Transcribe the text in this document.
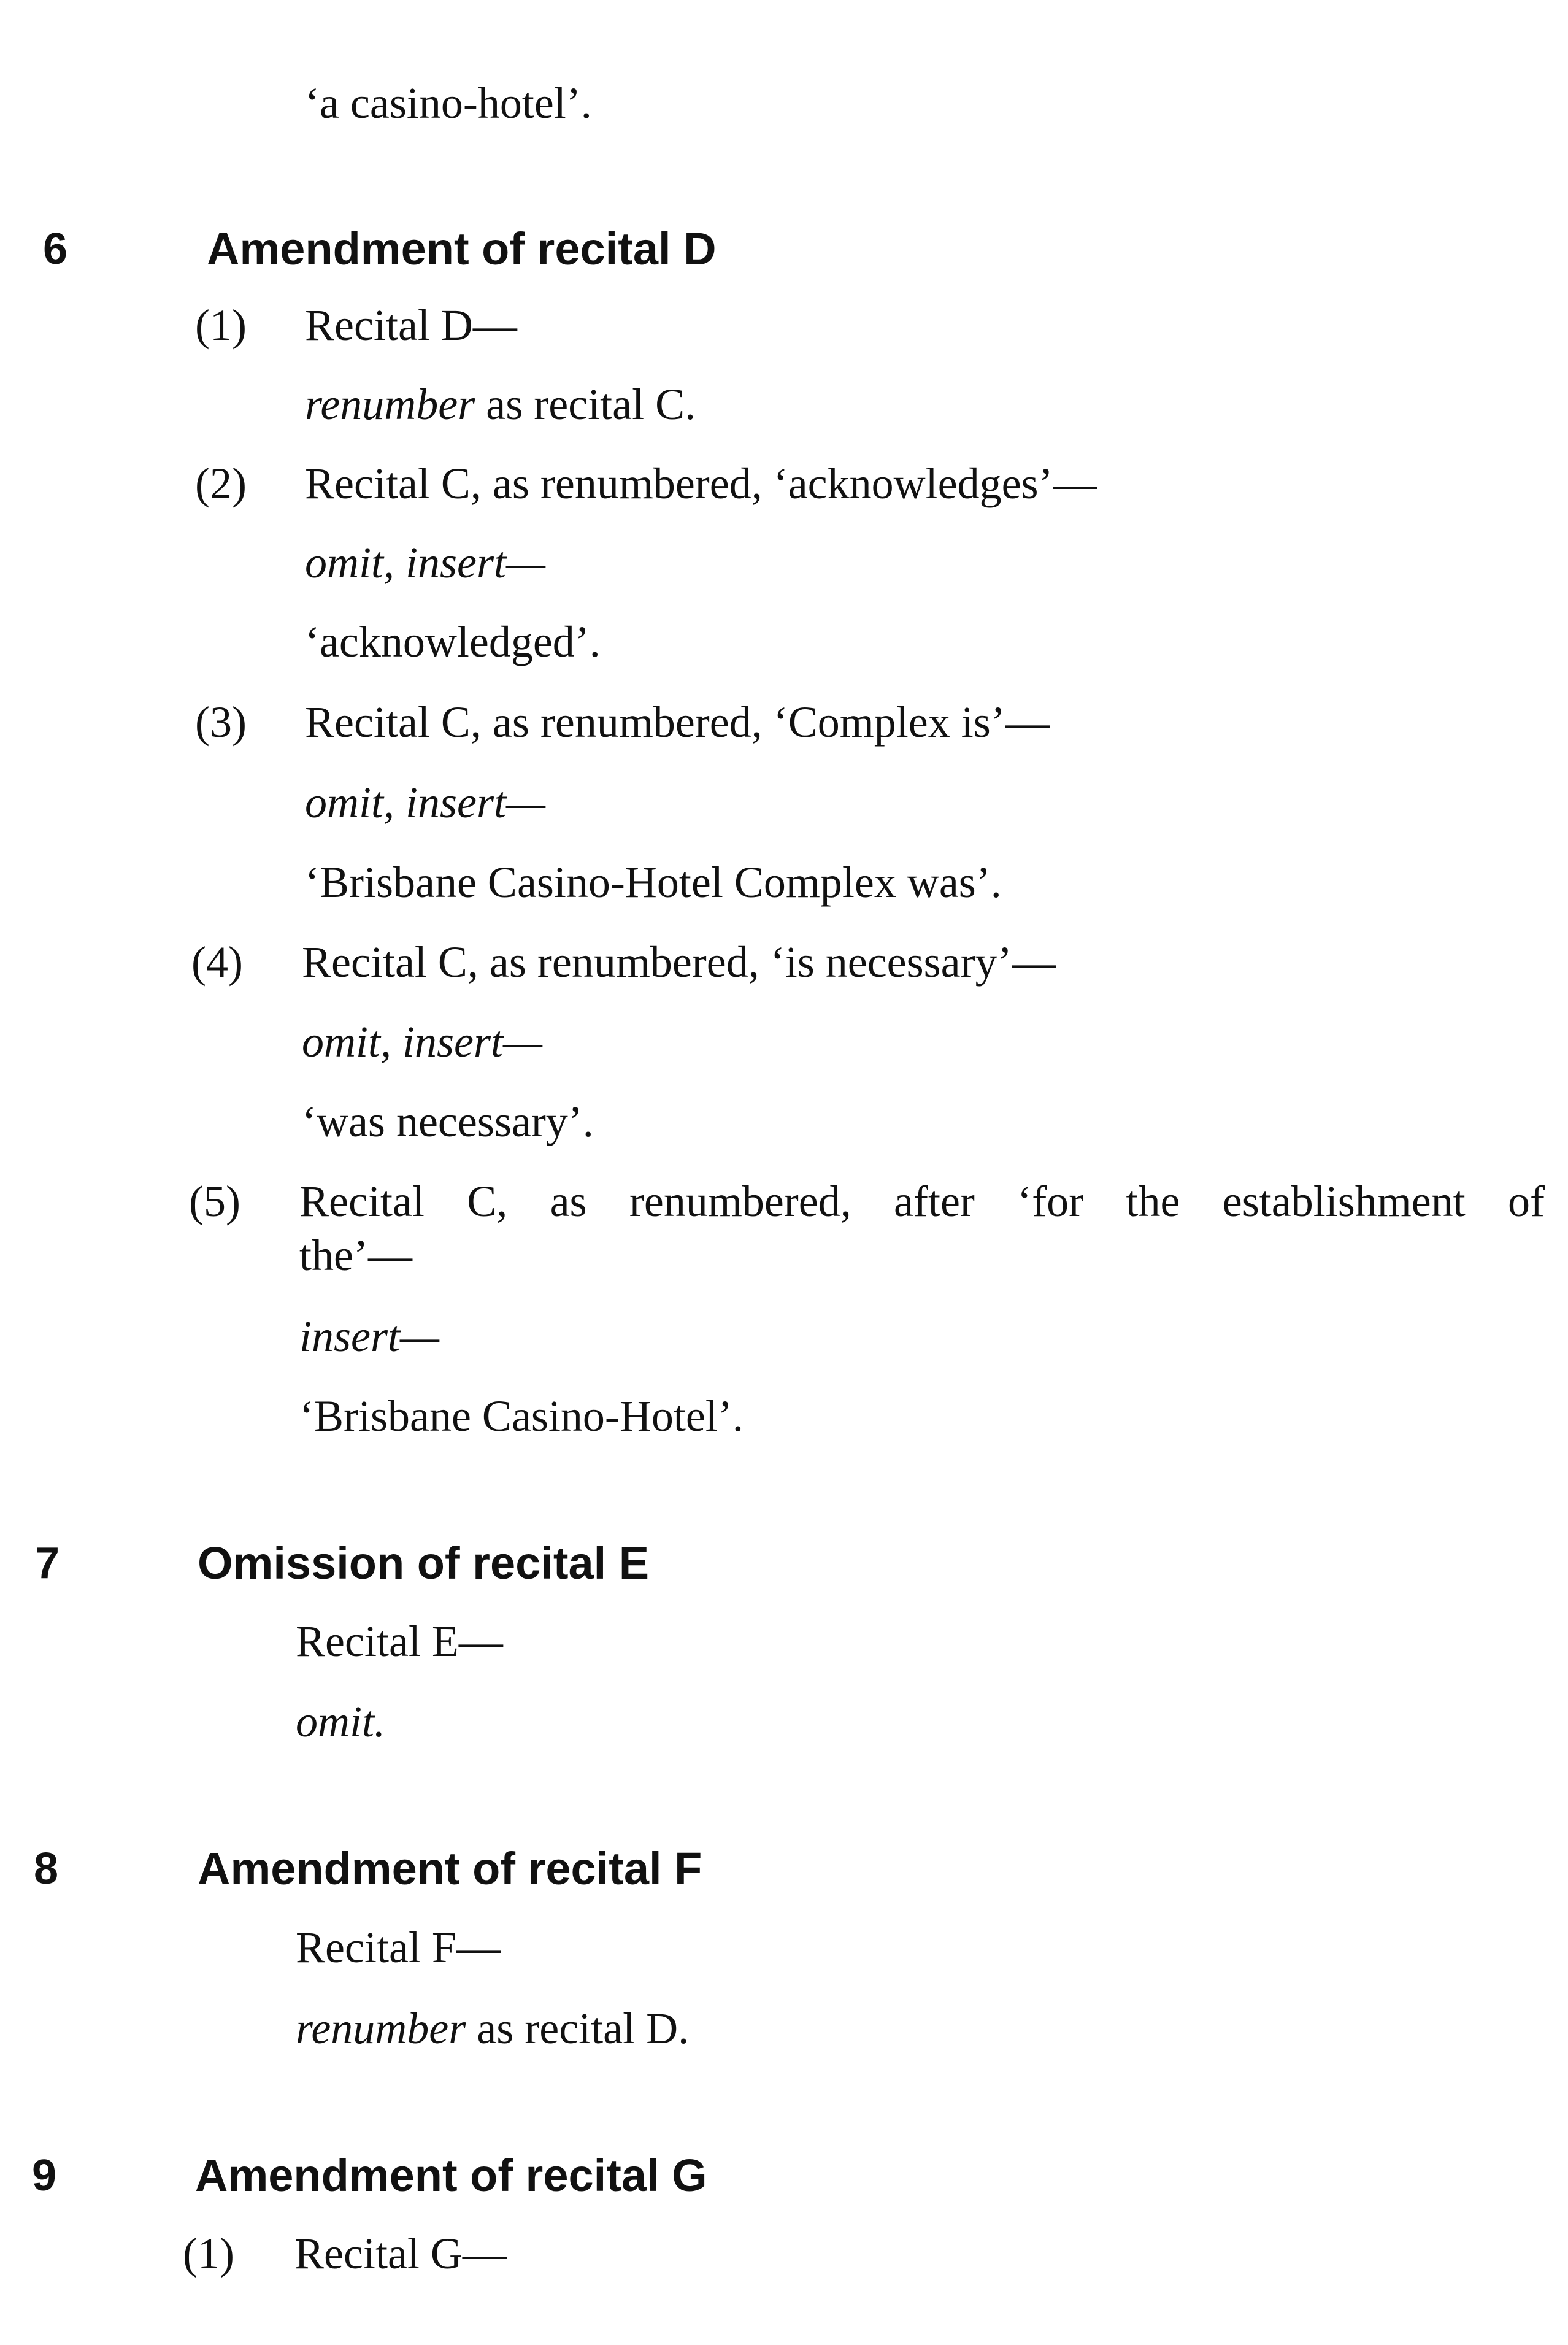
‘a casino-hotel’.
6	Amendment of recital D
(1) Recital D—
renumber as recital C.
(2) Recital C, as renumbered, ‘acknowledges’—
omit, insert—
‘acknowledged’.
(3) Recital C, as renumbered, ‘Complex is’—
omit, insert—
‘Brisbane Casino-Hotel Complex was’.
(4) Recital C, as renumbered, ‘is necessary’—
omit, insert—
‘was necessary’.
(5) Recital C, as renumbered, after ‘for the establishment of
the’—
insert—
‘Brisbane Casino-Hotel’.
7	Omission of recital E
Recital E—
omit.
8	Amendment of recital F
Recital F—
renumber as recital D.
9	Amendment of recital G
(1) Recital G—
